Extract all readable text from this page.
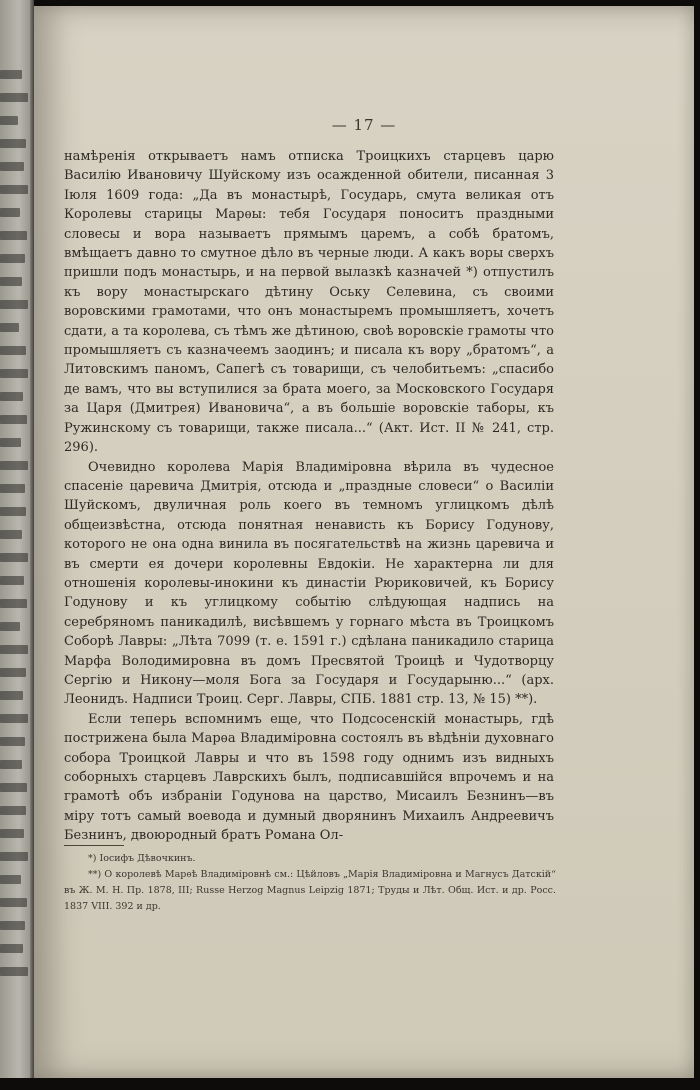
— 17 —

намѣренія открываетъ намъ отписка Троицкихъ старцевъ царю Василію Ивановичу Шуйскому изъ осажденной обители, писанная 3 Іюля 1609 года: „Да въ монастырѣ, Государь, смута великая отъ Королевы старицы Марѳы: тебя Государя поноситъ праздными словесы и вора называетъ прямымъ царемъ, а собѣ братомъ, вмѣщаетъ давно то смутное дѣло въ черные люди. А какъ воры сверхъ пришли подъ монастырь, и на первой вылазкѣ казначей *) отпустилъ къ вору монастырскаго дѣтину Оську Селевина, съ своими воровскими грамотами, что онъ монастыремъ промышляетъ, хочетъ сдати, а та королева, съ тѣмъ же дѣтиною, своѣ воровскіе грамоты что промышляетъ съ казначеемъ заодинъ; и писала къ вору „братомъ“, а Литовскимъ паномъ, Сапегѣ съ товарищи, съ челобитьемъ: „спасибо де вамъ, что вы вступилися за брата моего, за Московского Государя за Царя (Дмитрея) Ивановича“, а въ большіе воровскіе таборы, къ Ружинскому съ товарищи, также писала...“ (Акт. Ист. II № 241, стр. 296).

Очевидно королева Марія Владиміровна вѣрила въ чудесное спасеніе царевича Дмитрія, отсюда и „праздные словеси“ о Василіи Шуйскомъ, двуличная роль коего въ темномъ углицкомъ дѣлѣ общеизвѣстна, отсюда понятная ненависть къ Борису Годунову, которого не она одна винила въ посягательствѣ на жизнь царевича и въ смерти ея дочери королевны Евдокіи. Не характерна ли для отношенія королевы-инокини къ династіи Рюриковичей, къ Борису Годунову и къ углицкому событію слѣдующая надпись на серебряномъ паникадилѣ, висѣвшемъ у горнаго мѣста въ Троицкомъ Соборѣ Лавры: „Лѣта 7099 (т. е. 1591 г.) сдѣлана паникадило старица Марфа Володимировна въ домъ Пресвятой Троицѣ и Чудотворцу Сергію и Никону—моля Бога за Государя и Государыню...“ (арх. Леонидъ. Надписи Троиц. Серг. Лавры, СПБ. 1881 стр. 13, № 15) **).

Если теперь вспомнимъ еще, что Подсосенскій монастырь, гдѣ пострижена была Марѳа Владиміровна состоялъ въ вѣдѣніи духовнаго собора Троицкой Лавры и что въ 1598 году однимъ изъ видныхъ соборныхъ старцевъ Лаврскихъ былъ, подписавшійся впрочемъ и на грамотѣ объ избраніи Годунова на царство, Мисаилъ Безнинъ—въ міру тотъ самый воевода и думный дворянинъ Михаилъ Андреевичъ Безнинъ, двоюродный братъ Романа Ол-

*) Іосифъ Дѣвочкинъ.

**) О королевѣ Марѳѣ Владиміровнѣ см.: Цѣйловъ „Марія Владиміровна и Магнусъ Датскій“ въ Ж. М. Н. Пр. 1878, III; Russe Herzog Magnus Leipzig 1871; Труды и Лѣт. Общ. Ист. и др. Росс. 1837 VIII. 392 и др.
